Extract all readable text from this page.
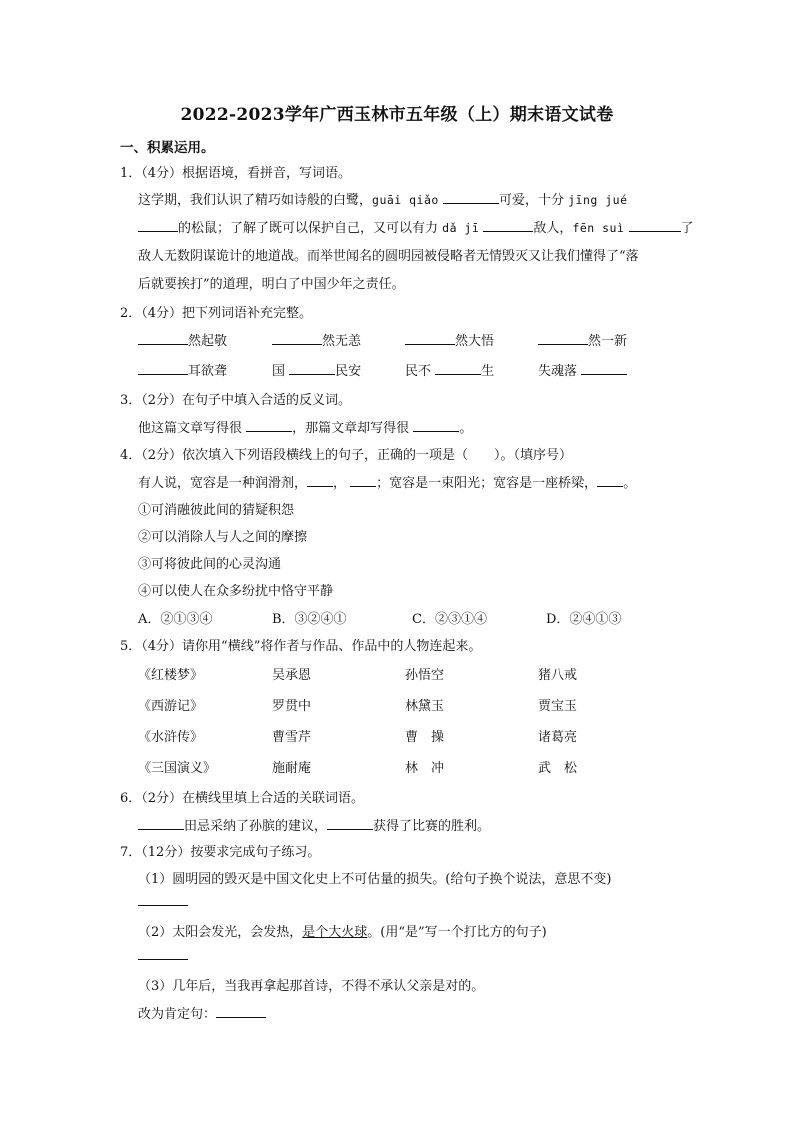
2022-2023学年广西玉林市五年级（上）期末语文试卷
一、积累运用。
1．（4分）根据语境，看拼音，写词语。
这学期，我们认识了精巧如诗般的白鹭，guāi qiǎo	可爱，十分 jīng jué
的松鼠；了解了既可以保护自己，又可以有力 dǎ jī	敌人，fēn suì	了
敌人无数阴谋诡计的地道战。而举世闻名的圆明园被侵略者无情毁灭又让我们懂得了“落
后就要挨打”的道理，明白了中国少年之责任。
2．（4分）把下列词语补充完整。
然起敬	然无恙	然大悟	然一新
耳欲聋	国	民安	民不	生	失魂落
3．（2分）在句子中填入合适的反义词。
他这篇文章写得很	，那篇文章却写得很	。
4．（2分）依次填入下列语段横线上的句子，正确的一项是（　　）。（填序号）
有人说，宽容是一种润滑剂， ， ；宽容是一束阳光；宽容是一座桥梁， 。
①可消融彼此间的猜疑积怨
②可以消除人与人之间的摩擦
③可将彼此间的心灵沟通
④可以使人在众多纷扰中恪守平静
A．②①③④	B．③②④①	C．②③①④	D．②④①③
5．（4分）请你用“横线”将作者与作品、作品中的人物连起来。
《红楼梦》	吴承恩	孙悟空	猪八戒
《西游记》	罗贯中	林黛玉	贾宝玉
《水浒传》	曹雪芹	曹　操	诸葛亮
《三国演义》	施耐庵	林　冲	武　松
6．（2分）在横线里填上合适的关联词语。
田忌采纳了孙膑的建议，	获得了比赛的胜利。
7．（12分）按要求完成句子练习。
（1）圆明园的毁灭是中国文化史上不可估量的损失。(给句子换个说法，意思不变)
（2）太阳会发光，会发热，是个大火球。(用“是”写一个打比方的句子)
（3）几年后，当我再拿起那首诗，不得不承认父亲是对的。
改为肯定句：
